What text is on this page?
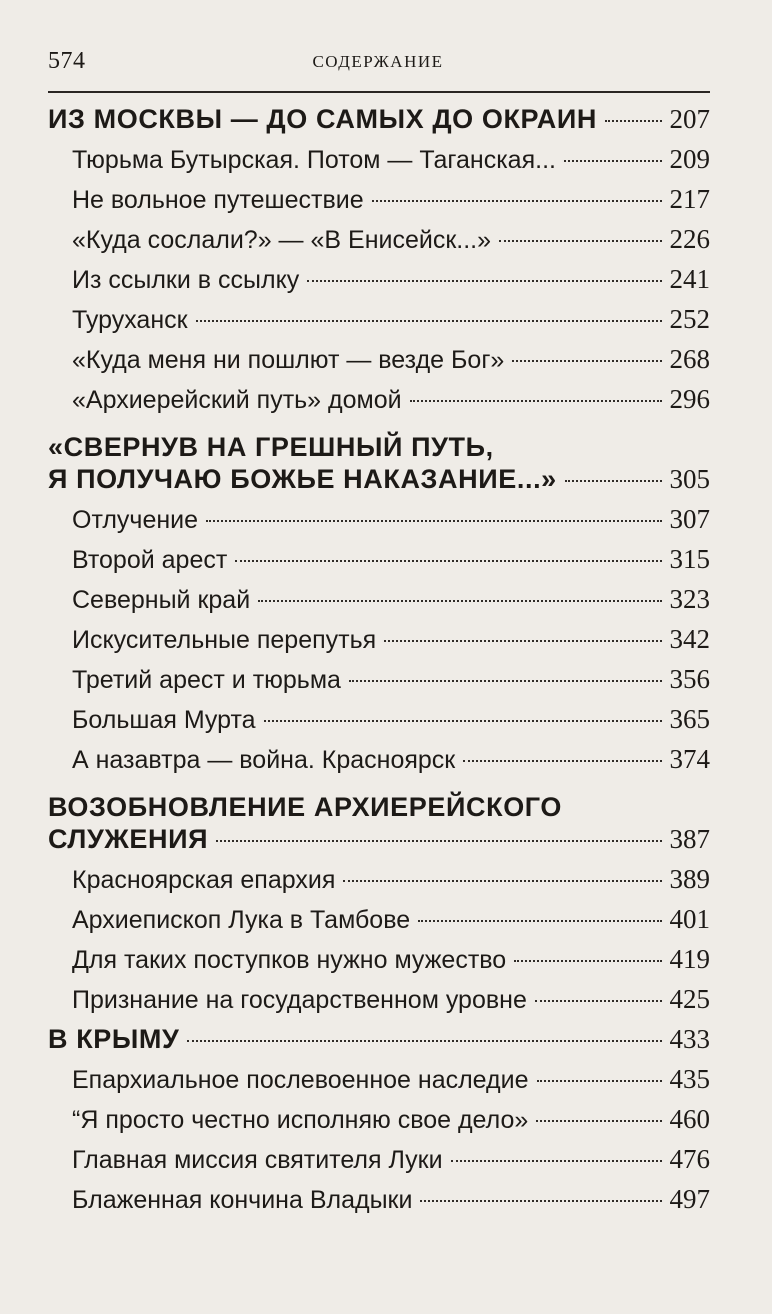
574	СОДЕРЖАНИЕ
ИЗ МОСКВЫ — ДО САМЫХ ДО ОКРАИН	207
Тюрьма Бутырская. Потом — Таганская...	209
Не вольное путешествие	217
«Куда сослали?» — «В Енисейск...»	226
Из ссылки в ссылку	241
Туруханск	252
«Куда меня ни пошлют — везде Бог»	268
«Архиерейский путь» домой	296
«СВЕРНУВ НА ГРЕШНЫЙ ПУТЬ,
Я ПОЛУЧАЮ БОЖЬЕ НАКАЗАНИЕ...»	305
Отлучение	307
Второй арест	315
Северный край	323
Искусительные перепутья	342
Третий арест и тюрьма	356
Большая Мурта	365
А назавтра — война. Красноярск	374
ВОЗОБНОВЛЕНИЕ АРХИЕРЕЙСКОГО
СЛУЖЕНИЯ	387
Красноярская епархия	389
Архиепископ Лука в Тамбове	401
Для таких поступков нужно мужество	419
Признание на государственном уровне	425
В КРЫМУ	433
Епархиальное послевоенное наследие	435
“Я просто честно исполняю свое дело»	460
Главная миссия святителя Луки	476
Блаженная кончина Владыки	497
